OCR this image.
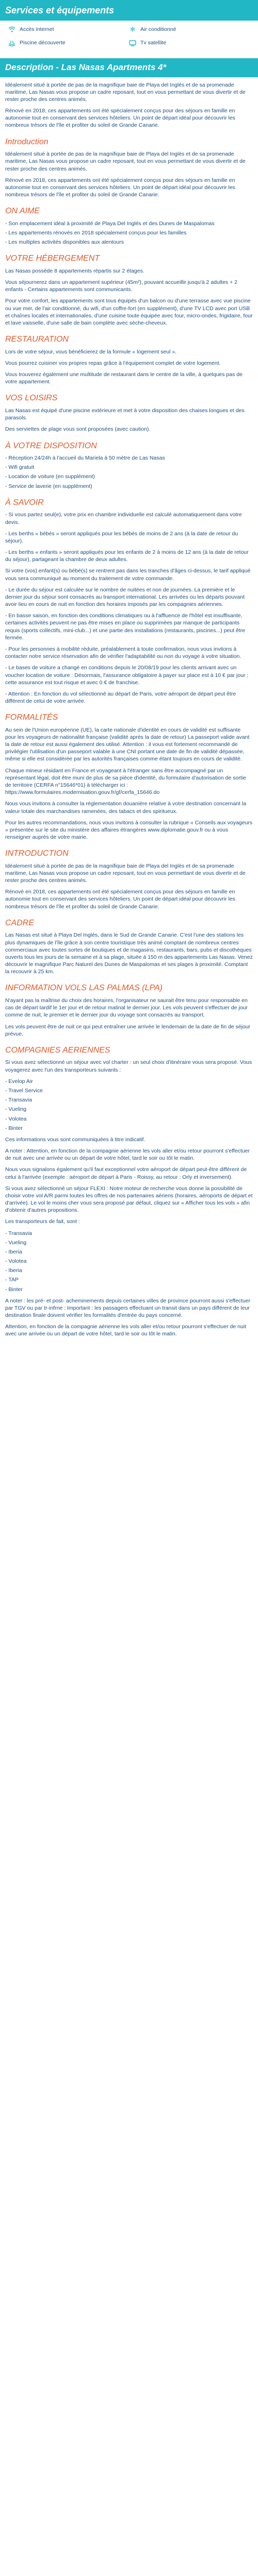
Services et équipements
Accès internet	✻ Air conditionné
Piscine découverte	Tv satellite
Description - Las Nasas Apartments 4*

Idéalement situé à portée de pas de la magnifique baie de Playa del Inglés et de sa promenade maritime, Las Nasas vous propose un cadre reposant, tout en vous permettant de vous divertir et de rester proche des centres animés.

Rénové en 2018, ces appartements ont été spécialement conçus pour des séjours en famille en autonomie tout en conservant des services hôteliers. Un point de départ idéal pour découvrir les nombreux trésors de l'île et profiter du soleil de Grande Canarie.

Introduction

Idéalement situé à portée de pas de la magnifique baie de Playa del Inglés et de sa promenade maritime, Las Nasas vous propose un cadre reposant, tout en vous permettant de vous divertir et de rester proche des centres animés.

Rénové en 2018, ces appartements ont été spécialement conçus pour des séjours en famille en autonomie tout en conservant des services hôteliers. Un point de départ idéal pour découvrir les nombreux trésors de l'île et profiter du soleil de Grande Canarie.

ON AIME
- Son emplacement idéal à proximité de Playa Del Inglés et des Dunes de Maspalomas
- Les appartements rénovés en 2018 spécialement conçus pour les familles
- Les multiples activités disponibles aux alentours
VOTRE HÉBERGEMENT

Las Nasas possède 8 appartements répartis sur 2 étages.

Vous séjournerez dans un appartement supérieur (45m²), pouvant accueillir jusqu'à 2 adultes + 2 enfants - Certains appartements sont communicants.

Pour votre confort, les appartements sont tous équipés d'un balcon ou d'une terrasse avec vue piscine ou vue mer, de l'air conditionné, du wifi, d'un coffre-fort (en supplément), d'une TV LCD avec port USB et chaînes locales et internationales, d'une cuisine toute équipée avec four, micro-ondes, frigidaire, four et lave vaisselle, d'une salle de bain complète avec sèche-cheveux.

RESTAURATION

Lors de votre séjour, vous bénéficierez de la formule « logement seul ».

Vous pourrez cuisiner vos propres repas grâce à l'équipement complet de votre logement.

Vous trouverez également une multitude de restaurant dans le centre de la ville, à quelques pas de votre appartement.

VOS LOISIRS

Las Nasas est équipé d'une piscine extérieure et met à votre disposition des chaises longues et des parasols.

Des serviettes de plage vous sont proposées (avec caution).

À VOTRE DISPOSITION
- Réception 24/24h à l'accueil du Mariela à 50 mètre de Las Nasas
- Wifi gratuit
- Location de voiture (en supplément)
- Service de laverie (en supplément)
À SAVOIR

- Si vous partez seul(e), votre prix en chambre individuelle est calculé automatiquement dans votre devis.

- Les berths « bébés » seront appliqués pour les bébés de moins de 2 ans (à la date de retour du séjour).

- Les berths « enfants » seront appliqués pour les enfants de 2 à moins de 12 ans (à la date de retour du séjour), partageant la chambre de deux adultes.

Si votre (vos) enfant(s) ou bébé(s) se rentrent pas dans les tranches d'âges ci-dessus, le tarif appliqué vous sera communiqué au moment du traitement de votre commande.

- Le durée du séjour est calculée sur le nombre de nuitées et non de journées. La première et le dernier jour du séjour sont consacrés au transport international. Les arrivées ou les départs pouvant avoir lieu en cours de nuit en fonction des horaires imposés par les compagnies aériennes.

- En basse saison, en fonction des conditions climatiques ou à l'affluence de l'hôtel est insuffisante, certaines activités peuvent ne pas être mises en place ou supprimées par manque de participants requis (sports collectifs, mini-club...) et une partie des installations (restaurants, piscines...) peut être fermée.

- Pour les personnes à mobilité réduite, préalablement à toute confirmation, nous vous invitons à contacter notre service réservation afin de vérifier l'adaptabilité ou non du voyage à votre situation.

- Le bases de voiture a changé en conditions depuis le 20/08/19 pour les clients arrivant avec un voucher location de voiture : Désormais, l'assurance obligatoire à payer sur place est à 10 € par jour ; cette assurance est tout risque et avec 0 € de franchise.

- Attention : En fonction du vol sélectionné au départ de Paris, votre aéroport de départ peut être différent de celui de votre arrivée.

FORMALITÉS

Au sein de l'Union européenne (UE), la carte nationale d'identité en cours de validité est suffisante pour les voyageurs de nationalité française (validité après la date de retour) La passeport valide avant la date de retour est aussi également des utilisé. Attention : il vous est fortement recommandé de privilégier l'utilisation d'un passeport valable à une CNI portant une date de fin de validité dépassée, même si elle est considérée par les autorités françaises comme étant toujours en cours de validité.

Chaque mineur résidant en France et voyageant à l'étranger sans être accompagné par un représentant légal, doit être muni de plus de sa pièce d'identité, du formulaire d'autorisation de sortie de territoire (CERFA n°15646*01) à télécharger ici : https://www.formulaires.modernisation.gouv.fr/gf/cerfa_15646.do

Nous vous invitons à consulter la réglementation douanière relative à votre destination concernant la valeur totale des marchandises ramenées, des tabacs et des spiritueux.

Pour les autres recommandations, nous vous invitons à consulter la rubrique « Conseils aux voyageurs » présentée sur le site du ministère des affaires étrangères www.diplomatie.gouv.fr ou à vous renseigner auprès de votre mairie.

INTRODUCTION

Idéalement situé à portée de pas de la magnifique baie de Playa del Inglés et de sa promenade maritime, Las Nasas vous propose un cadre reposant, tout en vous permettant de vous divertir et de rester proche des centres animés.

Rénové en 2018, ces appartements ont été spécialement conçus pour des séjours en famille en autonomie tout en conservant des services hôteliers. Un point de départ idéal pour découvrir les nombreux trésors de l'île et profiter du soleil de Grande Canarie.

CADRE

Las Nasas est situé à Playa Del Inglés, dans le Sud de Grande Canarie. C'est l'une des stations les plus dynamiques de l'île grâce à son centre touristique très animé comptant de nombreux centres commerciaux avec toutes sortes de boutiques et de magasins, restaurants, bars, pubs et discothèques ouverts tous les jours de la semaine et à sa plage, située à 150 m des appartements Las Nasas. Venez découvrir le magnifique Parc Naturel des Dunes de Maspalomas et ses plages à proximité. Comptant la recouvrir à 25 km.

INFORMATION VOLS LAS PALMAS (LPA)

N'ayant pas la maîtrise du choix des horaires, l'organisateur ne saurait être tenu pour responsable en cas de départ tardif le 1er jour et de retour matinal le dernier jour. Les vols peuvent s'effectuer de jour comme de nuit, le premier et le dernier jour du voyage sont consacrés au transport.

Les vols peuvent être de nuit ce qui peut entraîner une arrivée le lendemain de la date de fin de séjour prévue.

COMPAGNIES AERIENNES

Si vous avez sélectionné un séjour avec vol charter : un seul choix d'itinéraire vous sera proposé. Vous voyagerez avec l'un des transporteurs suivants :

- Evelop Air
- Travel Service
- Transavia
- Vueling
- Volotea
- Binter

Ces informations vous sont communiquées à titre indicatif.

A noter : Attention, en fonction de la compagnie aérienne les vols aller et/ou retour pourront s'effectuer de nuit avec une arrivée ou un départ de votre hôtel, tard le soir ou tôt le matin.

Nous vous signalons également qu'il faut exceptionnel votre aéroport de départ peut-être différent de celui à l'arrivée (exemple : aéroport de départ à Paris - Roissy, au retour : Orly et inversement).

Si vous avez sélectionné un séjour FLEXI : Notre moteur de recherche vous donne la possibilité de choisir votre vol A/R parmi toutes les offres de nos partenaires aériens (horaires, aéroports de départ et d'arrivée). Le vol le moins cher vous sera proposé par défaut, cliquez sur « Afficher tous les vols » afin d'obtenir d'autres propositions.

Les transporteurs de fait, sont :

- Transavia
- Vueling
- Iberia
- Volotea
- Iberia
- TAP
- Binter

A noter : les pré- et post- acheminements depuis certaines villes de province pourront aussi s'effectuer par TGV ou par tr-infrne : Important : les passagers effectuant un transit dans un pays différent de leur destination finale doivent vérifier les formalités d'entrée du pays concerné.

Attention, en fonction de la compagnie aérienne les vols aller et/ou retour pourront s'effectuer de nuit avec une arrivée ou un départ de votre hôtel, tard le soir ou tôt le matin.
